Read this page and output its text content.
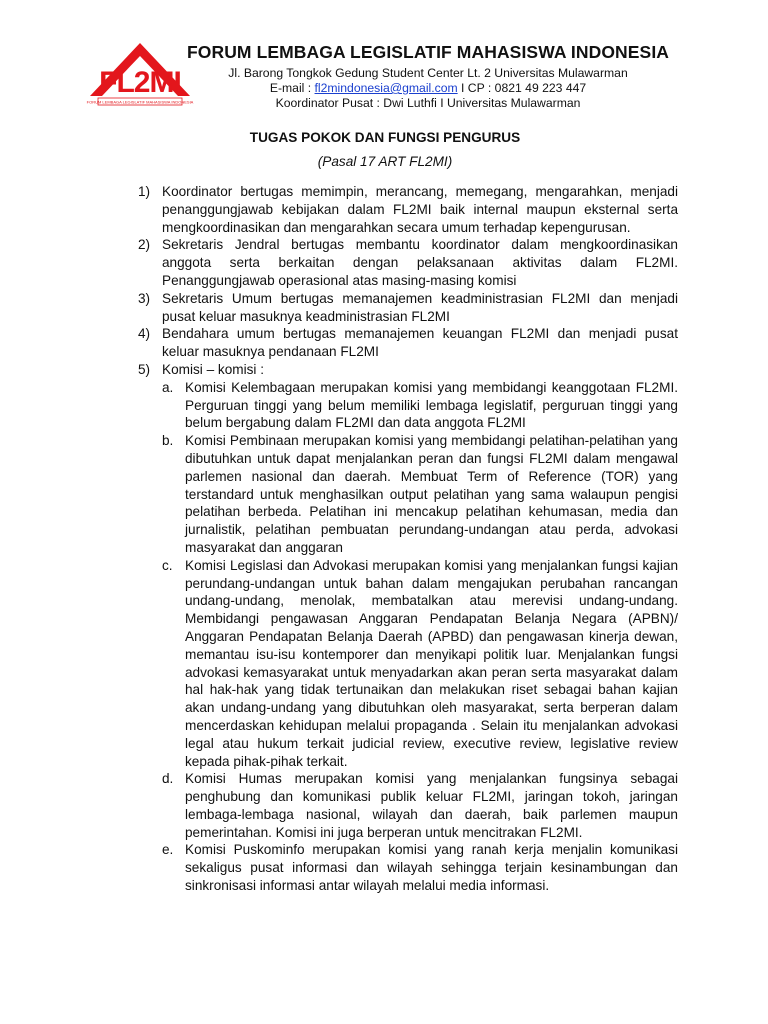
FL2MI
FORUM LEMBAGA LEGISLATIF MAHASISWA INDONESIA
FORUM LEMBAGA LEGISLATIF MAHASISWA INDONESIA
Jl. Barong Tongkok Gedung Student Center Lt. 2 Universitas Mulawarman
E-mail : fl2mindonesia@gmail.com I CP : 0821 49 223 447
Koordinator Pusat : Dwi Luthfi I Universitas Mulawarman
TUGAS POKOK DAN FUNGSI PENGURUS
(Pasal 17 ART FL2MI)
1) Koordinator bertugas memimpin, merancang, memegang, mengarahkan, menjadi penanggungjawab kebijakan dalam FL2MI baik internal maupun eksternal serta mengkoordinasikan dan mengarahkan secara umum terhadap kepengurusan.
2) Sekretaris Jendral bertugas membantu koordinator dalam mengkoordinasikan anggota serta berkaitan dengan pelaksanaan aktivitas dalam FL2MI. Penanggungjawab operasional atas masing-masing komisi
3) Sekretaris Umum bertugas memanajemen keadministrasian FL2MI dan menjadi pusat keluar masuknya keadministrasian FL2MI
4) Bendahara umum bertugas memanajemen keuangan FL2MI dan menjadi pusat keluar masuknya pendanaan FL2MI
5) Komisi – komisi :
a. Komisi Kelembagaan merupakan komisi yang membidangi keanggotaan FL2MI. Perguruan tinggi yang belum memiliki lembaga legislatif, perguruan tinggi yang belum bergabung dalam FL2MI dan data anggota FL2MI
b. Komisi Pembinaan merupakan komisi yang membidangi pelatihan-pelatihan yang dibutuhkan untuk dapat menjalankan peran dan fungsi FL2MI dalam mengawal parlemen nasional dan daerah. Membuat Term of Reference (TOR) yang terstandard untuk menghasilkan output pelatihan yang sama walaupun pengisi pelatihan berbeda. Pelatihan ini mencakup pelatihan kehumasan, media dan jurnalistik, pelatihan pembuatan perundang-undangan atau perda, advokasi masyarakat dan anggaran
c. Komisi Legislasi dan Advokasi merupakan komisi yang menjalankan fungsi kajian perundang-undangan untuk bahan dalam mengajukan perubahan rancangan undang-undang, menolak, membatalkan atau merevisi undang-undang. Membidangi pengawasan Anggaran Pendapatan Belanja Negara (APBN)/ Anggaran Pendapatan Belanja Daerah (APBD) dan pengawasan kinerja dewan, memantau isu-isu kontemporer dan menyikapi politik luar. Menjalankan fungsi advokasi kemasyarakat untuk menyadarkan akan peran serta masyarakat dalam hal hak-hak yang tidak tertunaikan dan melakukan riset sebagai bahan kajian akan undang-undang yang dibutuhkan oleh masyarakat, serta berperan dalam mencerdaskan kehidupan melalui propaganda . Selain itu menjalankan advokasi legal atau hukum terkait judicial review, executive review, legislative review kepada pihak-pihak terkait.
d. Komisi Humas merupakan komisi yang menjalankan fungsinya sebagai penghubung dan komunikasi publik keluar FL2MI, jaringan tokoh, jaringan lembaga-lembaga nasional, wilayah dan daerah, baik parlemen maupun pemerintahan. Komisi ini juga berperan untuk mencitrakan FL2MI.
e. Komisi Puskominfo merupakan komisi yang ranah kerja menjalin komunikasi sekaligus pusat informasi dan wilayah sehingga terjain kesinambungan dan sinkronisasi informasi antar wilayah melalui media informasi.
